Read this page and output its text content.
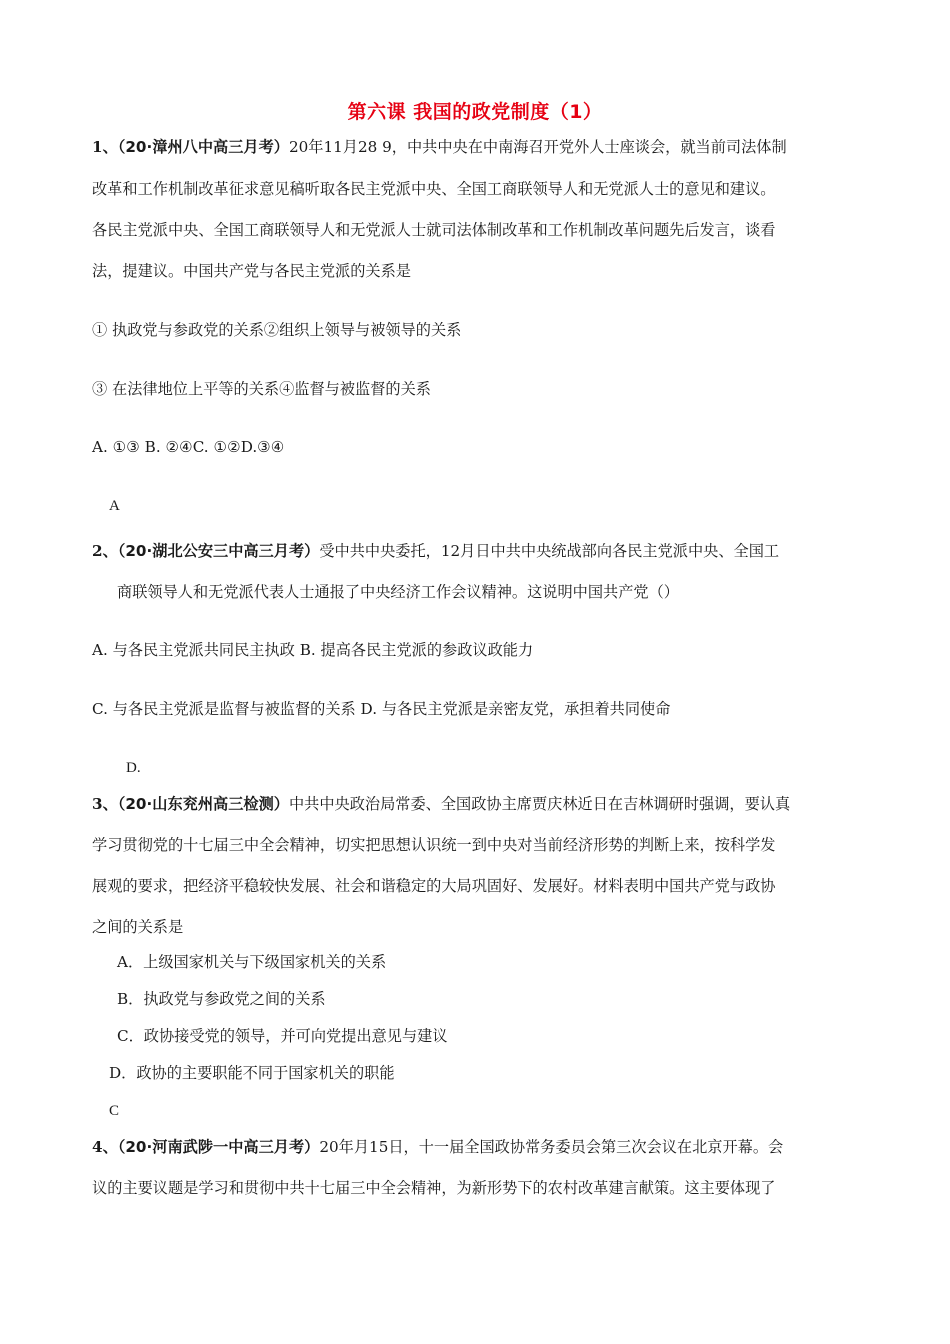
第六课 我国的政党制度（1）
1、（20·漳州八中高三月考）20年11月28 9，中共中央在中南海召开党外人士座谈会，就当前司法体制
改革和工作机制改革征求意见稿听取各民主党派中央、全国工商联领导人和无党派人士的意见和建议。
各民主党派中央、全国工商联领导人和无党派人士就司法体制改革和工作机制改革问题先后发言，谈看
法，提建议。中国共产党与各民主党派的关系是
① 执政党与参政党的关系②组织上领导与被领导的关系
③ 在法律地位上平等的关系④监督与被监督的关系
A. ①③ B. ②④C. ①②D.③④
A
2、（20·湖北公安三中高三月考）受中共中央委托，12月日中共中央统战部向各民主党派中央、全国工
商联领导人和无党派代表人士通报了中央经济工作会议精神。这说明中国共产党（）
A. 与各民主党派共同民主执政 B. 提高各民主党派的参政议政能力
C. 与各民主党派是监督与被监督的关系 D. 与各民主党派是亲密友党，承担着共同使命
D.
3、（20·山东兖州高三检测）中共中央政治局常委、全国政协主席贾庆林近日在吉林调研时强调，要认真
学习贯彻党的十七届三中全会精神，切实把思想认识统一到中央对当前经济形势的判断上来，按科学发
展观的要求，把经济平稳较快发展、社会和谐稳定的大局巩固好、发展好。材料表明中国共产党与政协
之间的关系是
A．上级国家机关与下级国家机关的关系
B．执政党与参政党之间的关系
C．政协接受党的领导，并可向党提出意见与建议
D．政协的主要职能不同于国家机关的职能
C
4、（20·河南武陟一中高三月考）20年月15日，十一届全国政协常务委员会第三次会议在北京开幕。会
议的主要议题是学习和贯彻中共十七届三中全会精神，为新形势下的农村改革建言献策。这主要体现了
